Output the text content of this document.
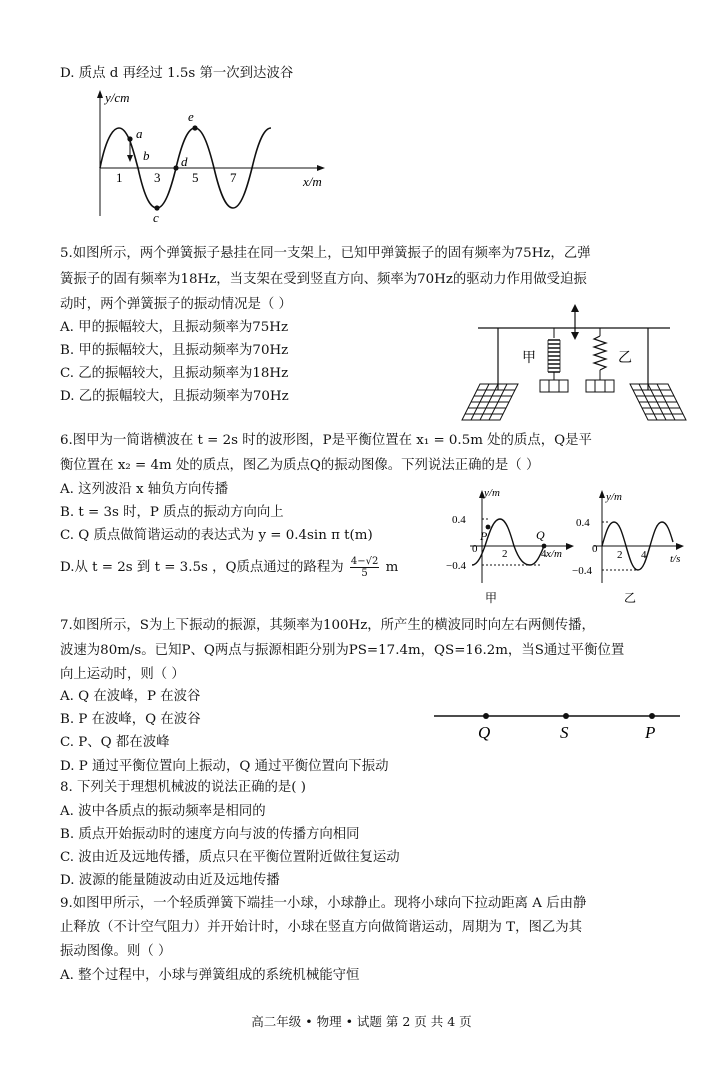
D. 质点 d 再经过 1.5s 第一次到达波谷
y/cm
x/m
1 3 5 7
a
b
c
d
e
5.如图所示，两个弹簧振子悬挂在同一支架上，已知甲弹簧振子的固有频率为75Hz，乙弹
簧振子的固有频率为18Hz，当支架在受到竖直方向、频率为70Hz的驱动力作用做受迫振
动时，两个弹簧振子的振动情况是（ ）
A. 甲的振幅较大，且振动频率为75Hz
B. 甲的振幅较大，且振动频率为70Hz
C. 乙的振幅较大，且振动频率为18Hz
D. 乙的振幅较大，且振动频率为70Hz
甲	乙
6.图甲为一简谐横波在 t = 2s 时的波形图，P是平衡位置在 x₁ = 0.5m 处的质点，Q是平
衡位置在 x₂ = 4m 处的质点，图乙为质点Q的振动图像。下列说法正确的是（ ）
A. 这列波沿 x 轴负方向传播
B. t = 3s 时，P 质点的振动方向向上
C. Q 质点做简谐运动的表达式为 y = 0.4sin π t(m)
D.从 t = 2s 到 t = 3.5s ，Q质点通过的路程为 $\frac{4-√2}{5}$ m
y/m
0.4
−0.4
0 2	4 x/m
P	Q
甲
y/m
0.4
−0.4
0 2 4 t/s
乙
7.如图所示，S为上下振动的振源，其频率为100Hz，所产生的横波同时向左右两侧传播，
波速为80m/s。已知P、Q两点与振源相距分别为PS=17.4m，QS=16.2m，当S通过平衡位置
向上运动时，则（ ）
A. Q 在波峰，P 在波谷
B. P 在波峰，Q 在波谷
C. P、Q 都在波峰
D. P 通过平衡位置向上振动，Q 通过平衡位置向下振动
Q	S	P
8. 下列关于理想机械波的说法正确的是( )
A. 波中各质点的振动频率是相同的
B. 质点开始振动时的速度方向与波的传播方向相同
C. 波由近及远地传播，质点只在平衡位置附近做往复运动
D. 波源的能量随波动由近及远地传播
9.如图甲所示，一个轻质弹簧下端挂一小球，小球静止。现将小球向下拉动距离 A 后由静
止释放（不计空气阻力）并开始计时，小球在竖直方向做简谐运动，周期为 T，图乙为其
振动图像。则（ ）
A. 整个过程中，小球与弹簧组成的系统机械能守恒
高二年级 • 物理 • 试题 第 2 页 共 4 页
